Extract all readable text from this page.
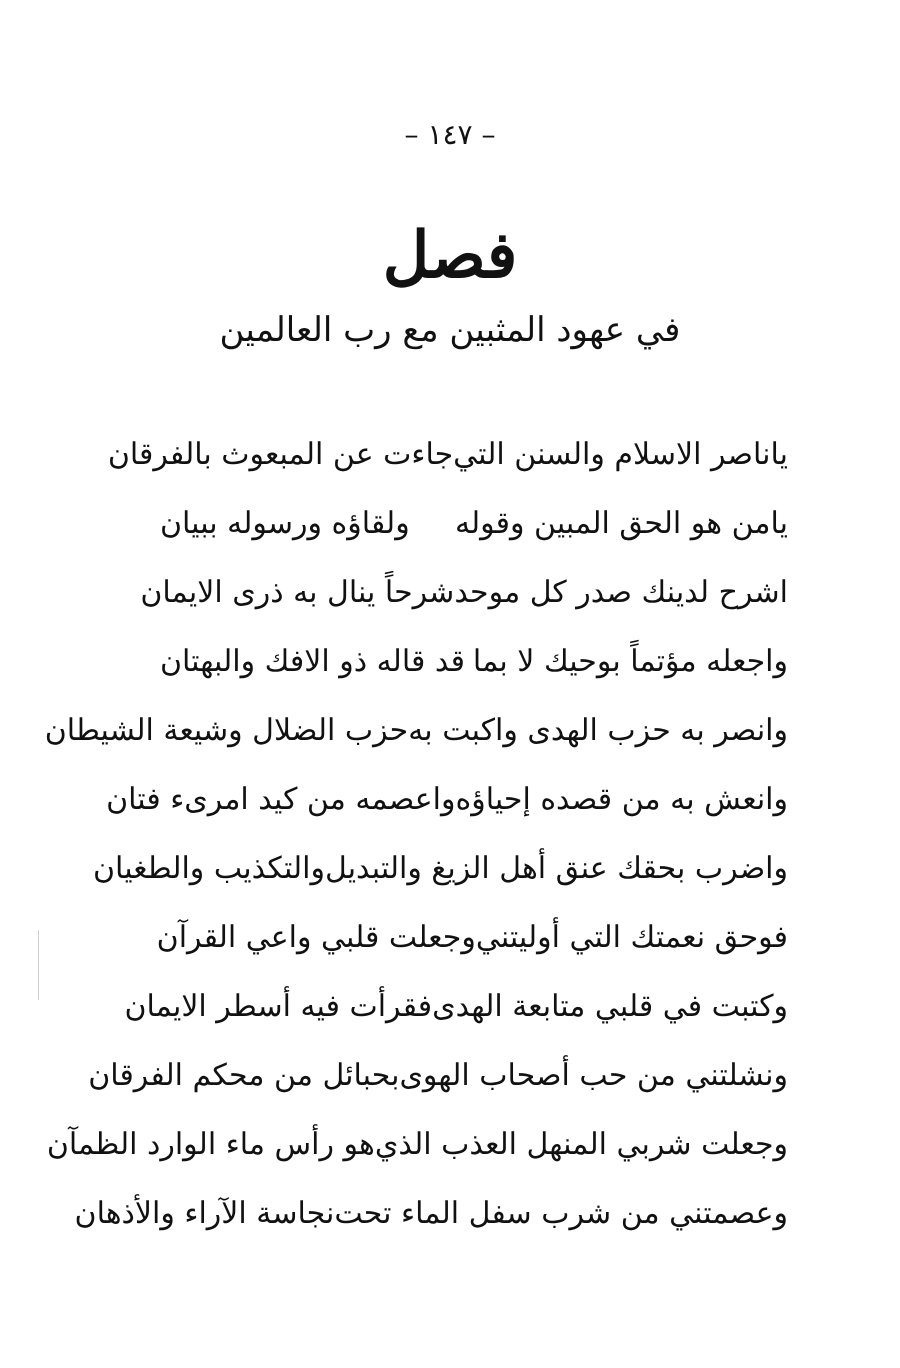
– ١٤٧ –
فصل
في عهود المثبين مع رب العالمين
ياناصر الاسلام والسنن التي
جاءت عن المبعوث بالفرقان
يامن هو الحق المبين وقوله
ولقاؤه ورسوله ببيان
اشرح لدينك صدر كل موحد
شرحاً ينال به ذرى الايمان
واجعله مؤتماً بوحيك لا بما
قد قاله ذو الافك والبهتان
وانصر به حزب الهدى واكبت به
حزب الضلال وشيعة الشيطان
وانعش به من قصده إحياؤه
واعصمه من كيد امرىء فتان
واضرب بحقك عنق أهل الزيغ والتبديل
والتكذيب والطغيان
فوحق نعمتك التي أوليتني
وجعلت قلبي واعي القرآن
وكتبت في قلبي متابعة الهدى
فقرأت فيه أسطر الايمان
ونشلتني من حب أصحاب الهوى
بحبائل من محكم الفرقان
وجعلت شربي المنهل العذب الذي
هو رأس ماء الوارد الظمآن
وعصمتني من شرب سفل الماء تحت
نجاسة الآراء والأذهان
